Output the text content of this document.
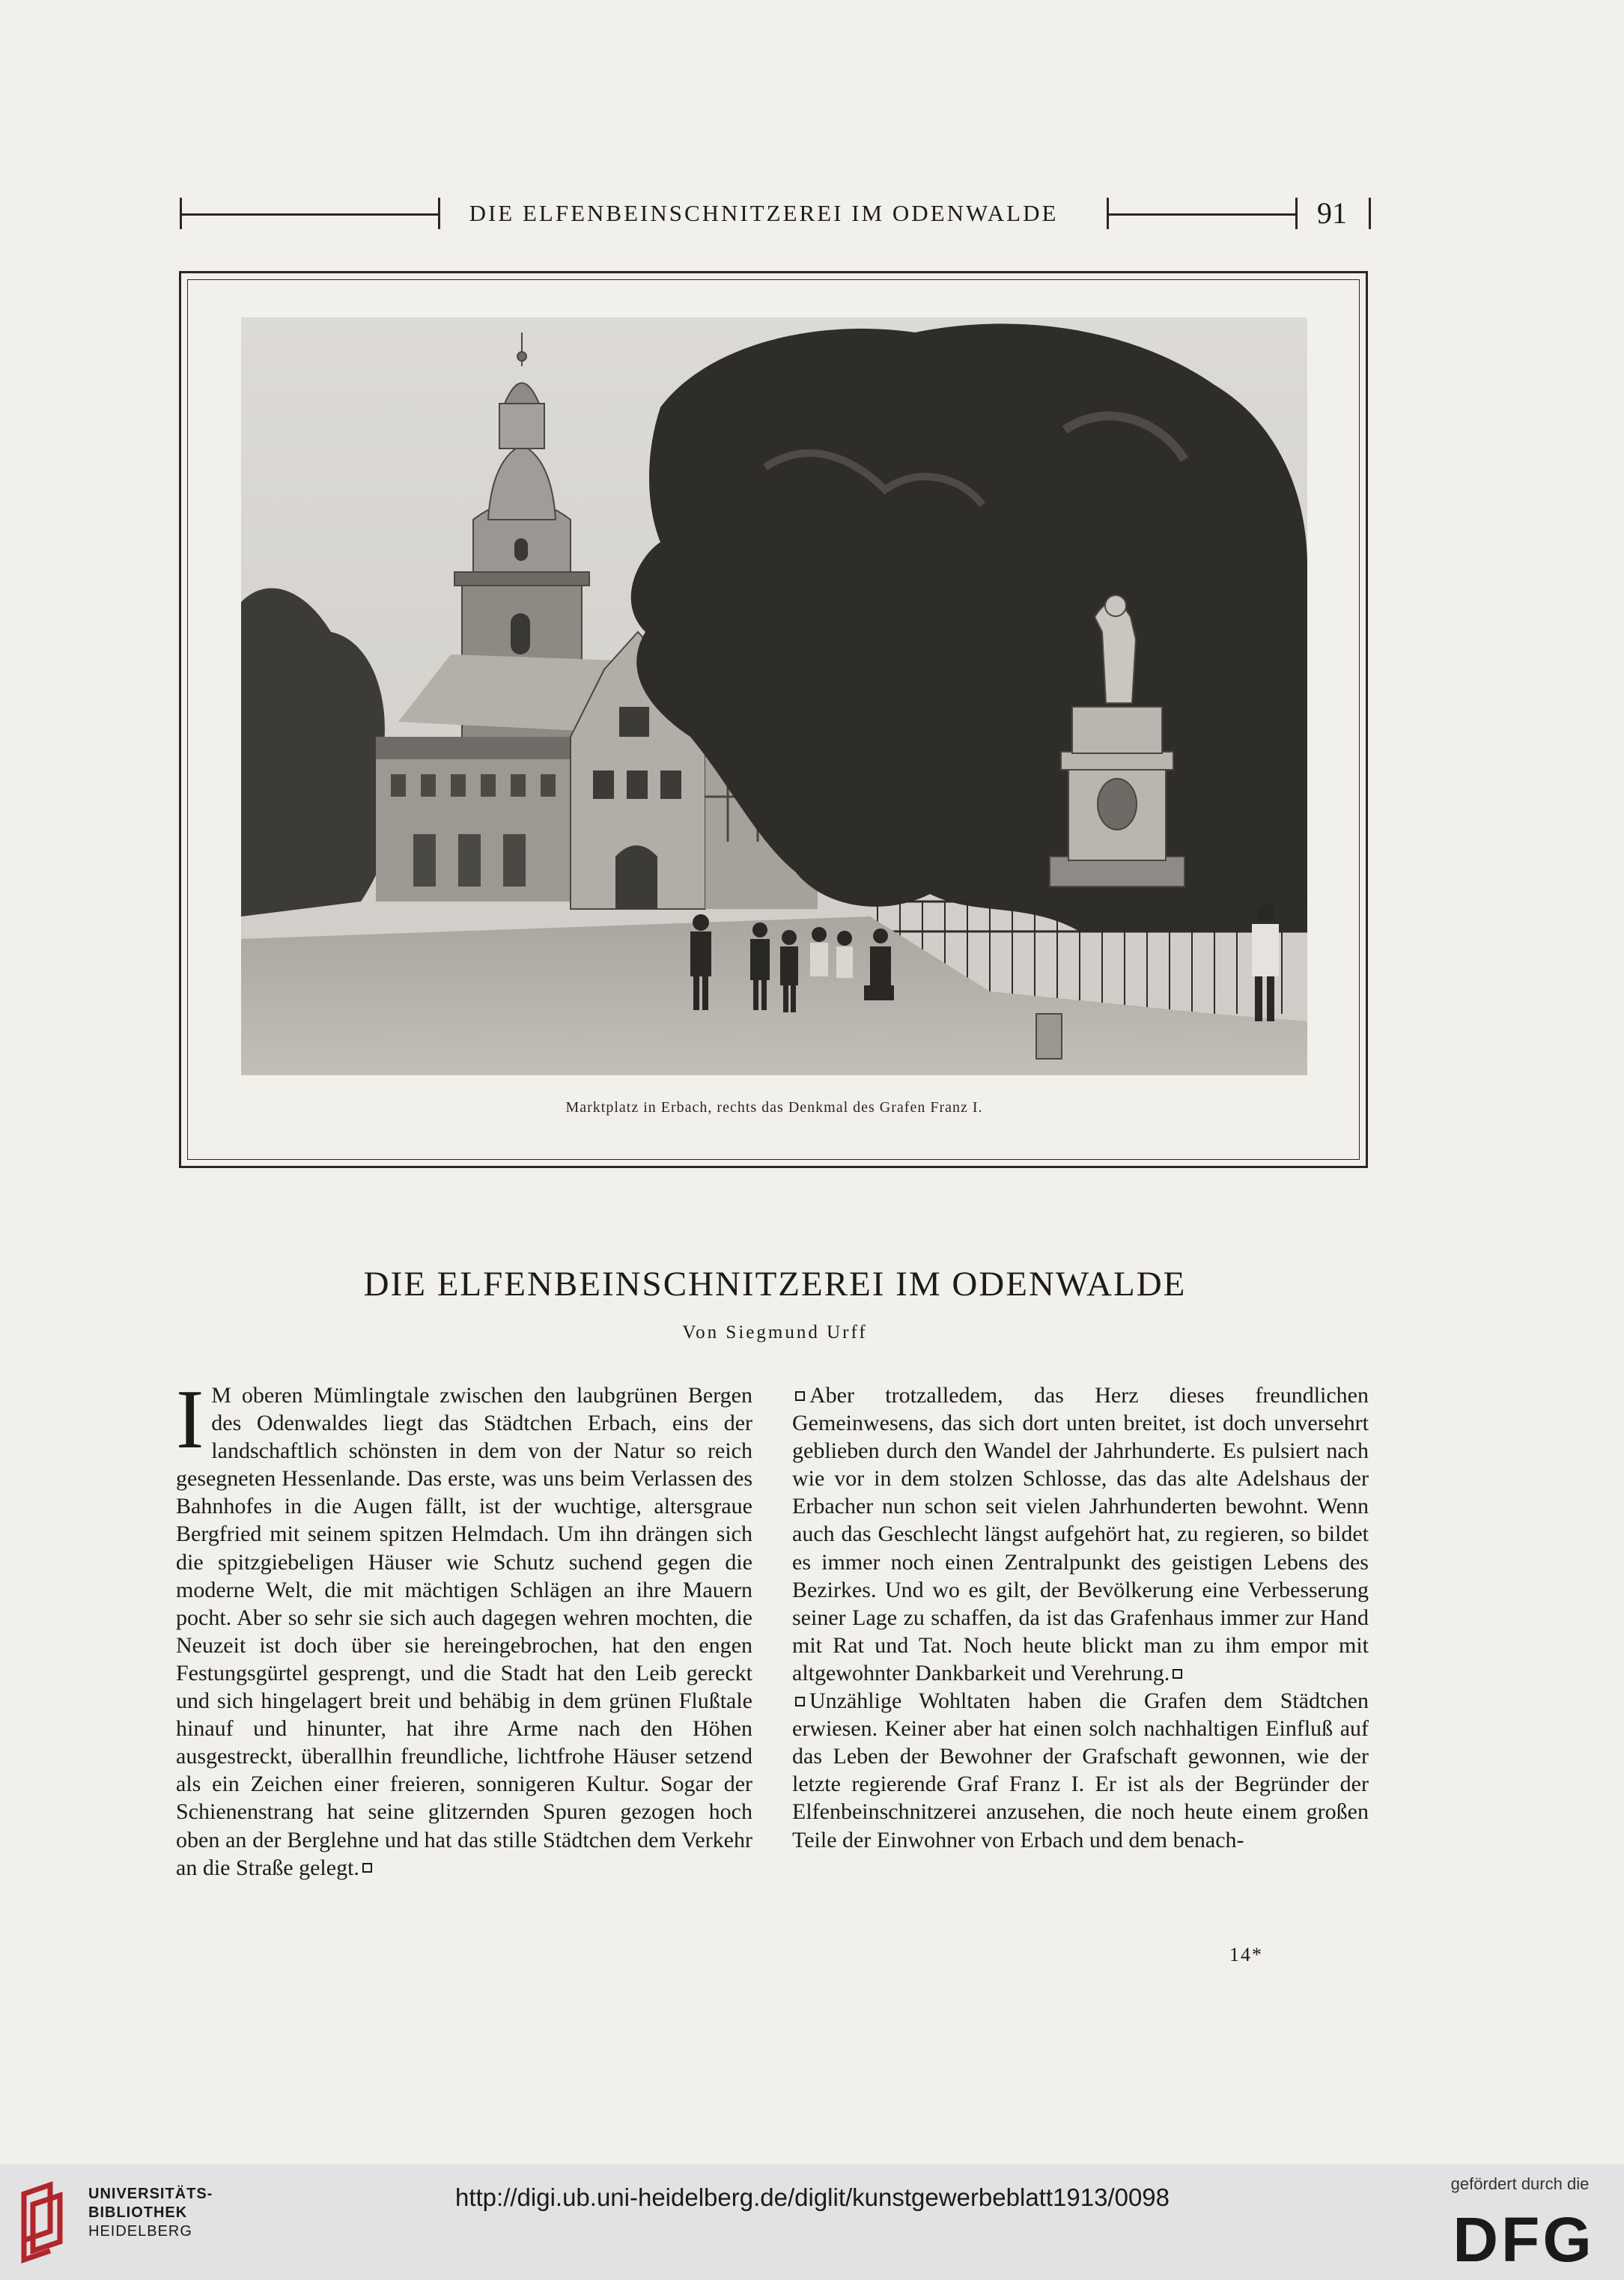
DIE ELFENBEINSCHNITZEREI IM ODENWALDE	91
Marktplatz in Erbach, rechts das Denkmal des Grafen Franz I.
DIE ELFENBEINSCHNITZEREI IM ODENWALDE
Von Siegmund Urff

I M oberen Mümlingtale zwischen den laubgrünen Bergen des Odenwaldes liegt das Städtchen Erbach, eins der landschaftlich schönsten in dem von der Natur so reich gesegneten Hessenlande. Das erste, was uns beim Verlassen des Bahnhofes in die Augen fällt, ist der wuchtige, altersgraue Bergfried mit seinem spitzen Helmdach. Um ihn drängen sich die spitzgiebeligen Häuser wie Schutz suchend gegen die moderne Welt, die mit mächtigen Schlägen an ihre Mauern pocht. Aber so sehr sie sich auch dagegen wehren mochten, die Neuzeit ist doch über sie hereingebrochen, hat den engen Festungsgürtel gesprengt, und die Stadt hat den Leib gereckt und sich hingelagert breit und behäbig in dem grünen Flußtale hinauf und hinunter, hat ihre Arme nach den Höhen ausgestreckt, überallhin freundliche, lichtfrohe Häuser setzend als ein Zeichen einer freieren, sonnigeren Kultur. Sogar der Schienenstrang hat seine glitzernden Spuren gezogen hoch oben an der Berglehne und hat das stille Städtchen dem Verkehr an die Straße gelegt.

Aber trotzalledem, das Herz dieses freundlichen Gemeinwesens, das sich dort unten breitet, ist doch unversehrt geblieben durch den Wandel der Jahrhunderte. Es pulsiert nach wie vor in dem stolzen Schlosse, das das alte Adelshaus der Erbacher nun schon seit vielen Jahrhunderten bewohnt. Wenn auch das Geschlecht längst aufgehört hat, zu regieren, so bildet es immer noch einen Zentralpunkt des geistigen Lebens des Bezirkes. Und wo es gilt, der Bevölkerung eine Verbesserung seiner Lage zu schaffen, da ist das Grafenhaus immer zur Hand mit Rat und Tat. Noch heute blickt man zu ihm empor mit altgewohnter Dankbarkeit und Verehrung.

Unzählige Wohltaten haben die Grafen dem Städtchen erwiesen. Keiner aber hat einen solch nachhaltigen Einfluß auf das Leben der Bewohner der Grafschaft gewonnen, wie der letzte regierende Graf Franz I. Er ist als der Begründer der Elfenbeinschnitzerei anzusehen, die noch heute einem großen Teile der Einwohner von Erbach und dem benach-

14*
UNIVERSITÄTS-
BIBLIOTHEK
HEIDELBERG
http://digi.ub.uni-heidelberg.de/diglit/kunstgewerbeblatt1913/0098	gefördert durch die
DFG
